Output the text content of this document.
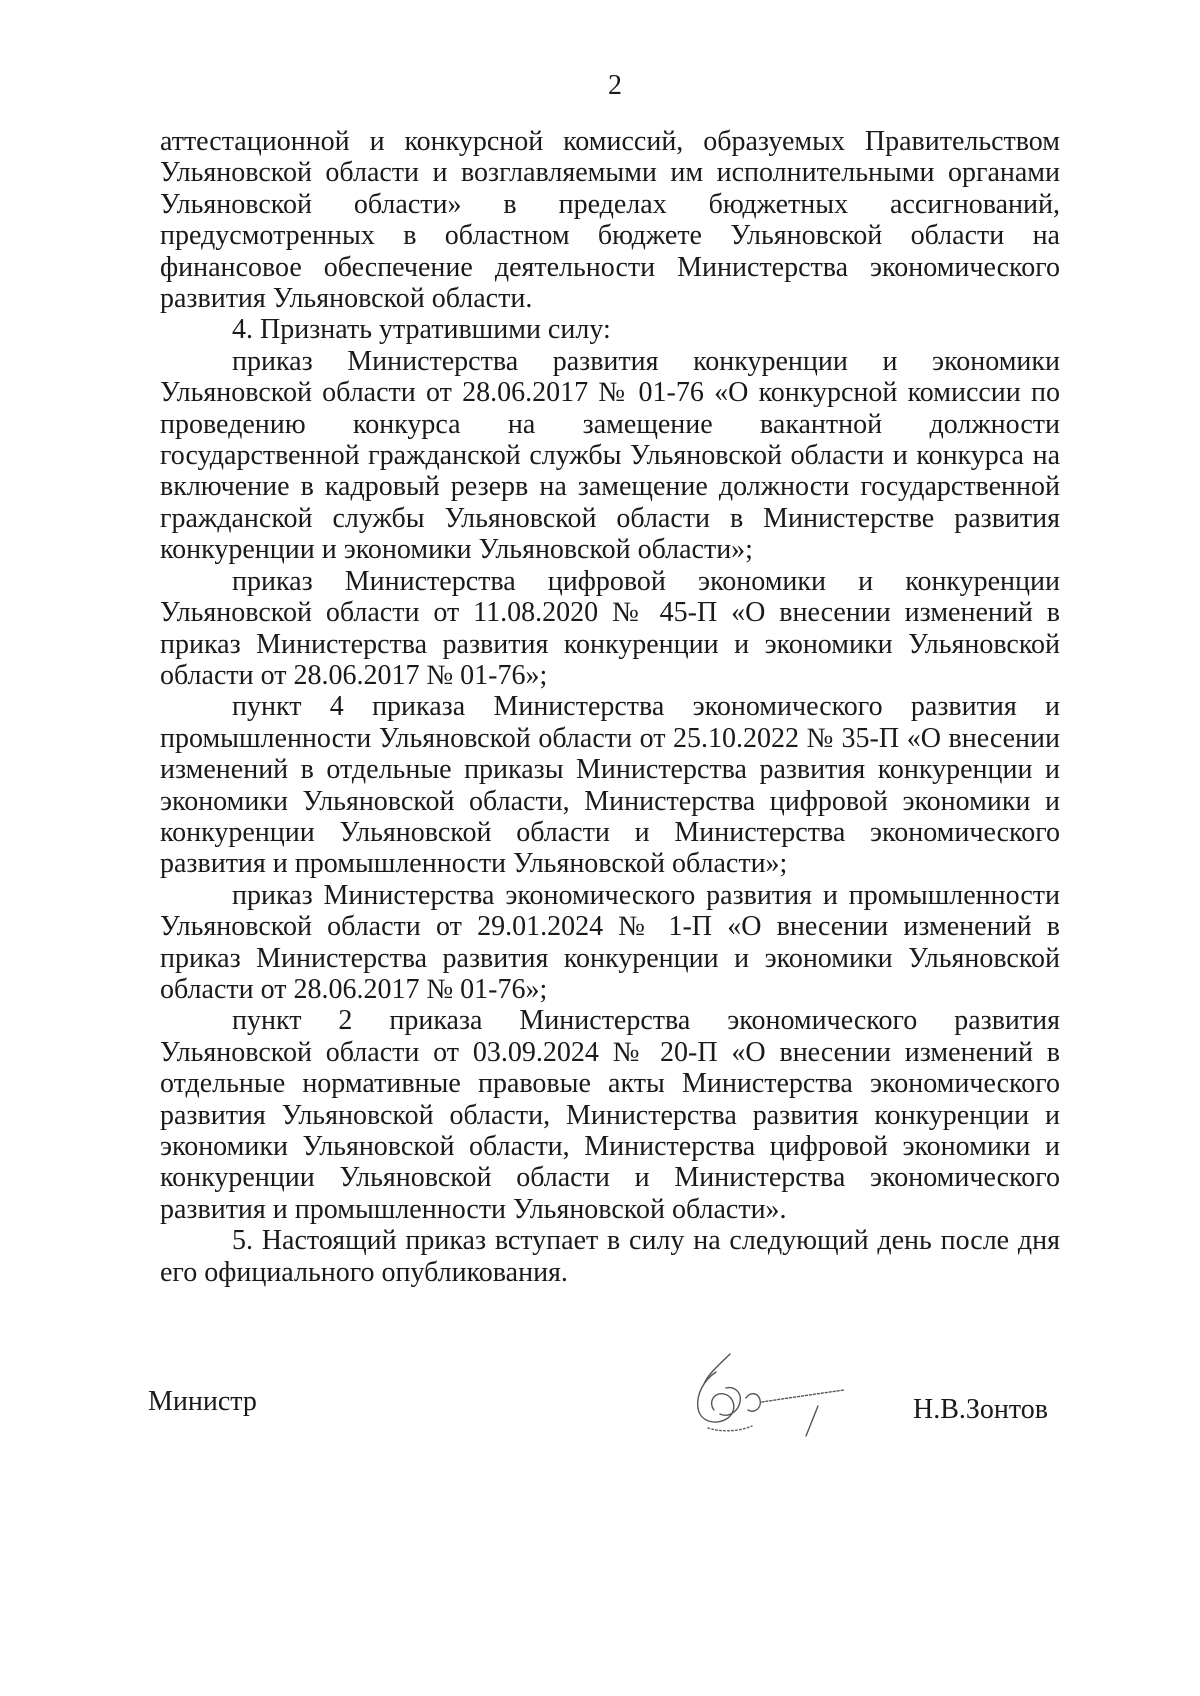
2

аттестационной и конкурсной комиссий, образуемых Правительством Ульяновской области и возглавляемыми им исполнительными органами Ульяновской области» в пределах бюджетных ассигнований, предусмотренных в областном бюджете Ульяновской области на финансовое обеспечение деятельности Министерства экономического развития Ульяновской области.

4. Признать утратившими силу:

приказ Министерства развития конкуренции и экономики Ульяновской области от 28.06.2017 № 01-76 «О конкурсной комиссии по проведению конкурса на замещение вакантной должности государственной гражданской службы Ульяновской области и конкурса на включение в кадровый резерв на замещение должности государственной гражданской службы Ульяновской области в Министерстве развития конкуренции и экономики Ульяновской области»;

приказ Министерства цифровой экономики и конкуренции Ульяновской области от 11.08.2020 № 45-П «О внесении изменений в приказ Министерства развития конкуренции и экономики Ульяновской области от 28.06.2017 № 01-76»;

пункт 4 приказа Министерства экономического развития и промышленности Ульяновской области от 25.10.2022 № 35-П «О внесении изменений в отдельные приказы Министерства развития конкуренции и экономики Ульяновской области, Министерства цифровой экономики и конкуренции Ульяновской области и Министерства экономического развития и промышленности Ульяновской области»;

приказ Министерства экономического развития и промышленности Ульяновской области от 29.01.2024 № 1-П «О внесении изменений в приказ Министерства развития конкуренции и экономики Ульяновской области от 28.06.2017 № 01-76»;

пункт 2 приказа Министерства экономического развития Ульяновской области от 03.09.2024 № 20-П «О внесении изменений в отдельные нормативные правовые акты Министерства экономического развития Ульяновской области, Министерства развития конкуренции и экономики Ульяновской области, Министерства цифровой экономики и конкуренции Ульяновской области и Министерства экономического развития и промышленности Ульяновской области».

5. Настоящий приказ вступает в силу на следующий день после дня его официального опубликования.

Министр	Н.В.Зонтов
